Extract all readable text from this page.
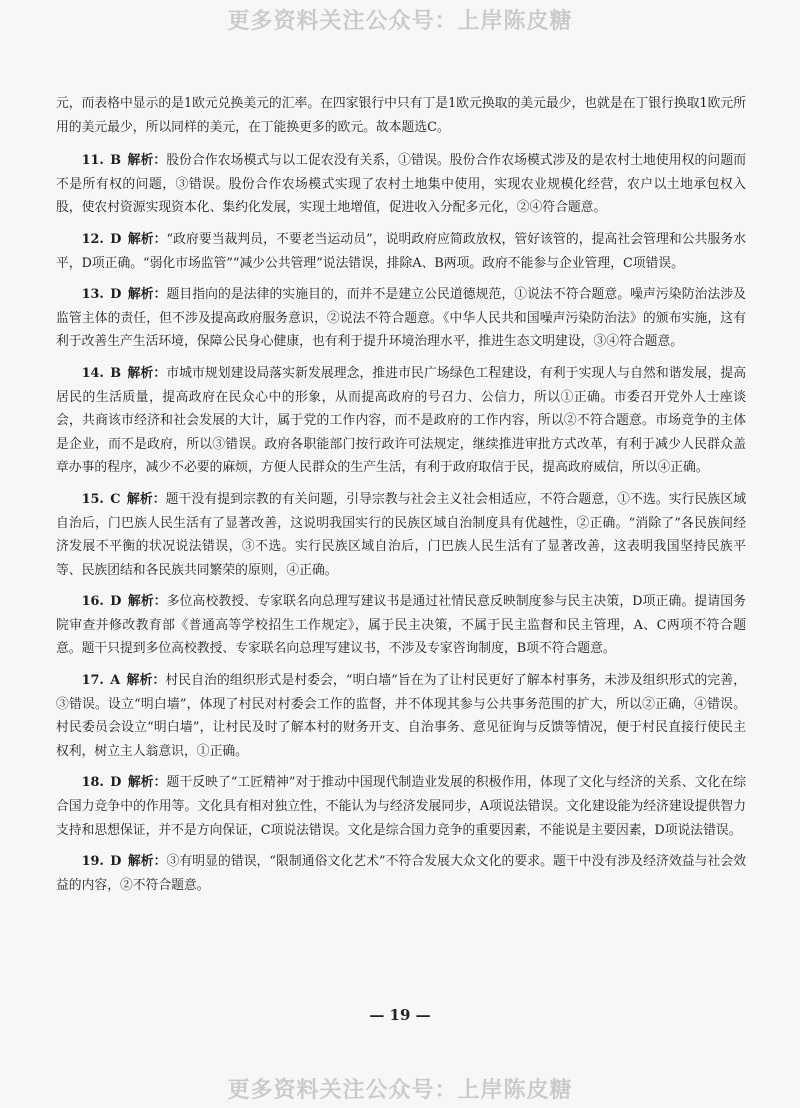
更多资料关注公众号：上岸陈皮糖

元，而表格中显示的是1欧元兑换美元的汇率。在四家银行中只有丁是1欧元换取的美元最少，也就是在丁银行换取1欧元所用的美元最少，所以同样的美元，在丁能换更多的欧元。故本题选C。

11. B 解析：股份合作农场模式与以工促农没有关系，①错误。股份合作农场模式涉及的是农村土地使用权的问题而不是所有权的问题，③错误。股份合作农场模式实现了农村土地集中使用，实现农业规模化经营，农户以土地承包权入股，使农村资源实现资本化、集约化发展，实现土地增值，促进收入分配多元化，②④符合题意。

12. D 解析：“政府要当裁判员，不要老当运动员”，说明政府应简政放权，管好该管的，提高社会管理和公共服务水平，D项正确。“弱化市场监管”“减少公共管理”说法错误，排除A、B两项。政府不能参与企业管理，C项错误。

13. D 解析：题目指向的是法律的实施目的，而并不是建立公民道德规范，①说法不符合题意。噪声污染防治法涉及监管主体的责任，但不涉及提高政府服务意识，②说法不符合题意。《中华人民共和国噪声污染防治法》的颁布实施，这有利于改善生产生活环境，保障公民身心健康，也有利于提升环境治理水平，推进生态文明建设，③④符合题意。

14. B 解析：市城市规划建设局落实新发展理念，推进市民广场绿色工程建设，有利于实现人与自然和谐发展，提高居民的生活质量，提高政府在民众心中的形象，从而提高政府的号召力、公信力，所以①正确。市委召开党外人士座谈会，共商该市经济和社会发展的大计，属于党的工作内容，而不是政府的工作内容，所以②不符合题意。市场竞争的主体是企业，而不是政府，所以③错误。政府各职能部门按行政许可法规定，继续推进审批方式改革，有利于减少人民群众盖章办事的程序，减少不必要的麻烦，方便人民群众的生产生活，有利于政府取信于民，提高政府威信，所以④正确。

15. C 解析：题干没有提到宗教的有关问题，引导宗教与社会主义社会相适应，不符合题意，①不选。实行民族区域自治后，门巴族人民生活有了显著改善，这说明我国实行的民族区域自治制度具有优越性，②正确。“消除了”各民族间经济发展不平衡的状况说法错误，③不选。实行民族区域自治后，门巴族人民生活有了显著改善，这表明我国坚持民族平等、民族团结和各民族共同繁荣的原则，④正确。

16. D 解析：多位高校教授、专家联名向总理写建议书是通过社情民意反映制度参与民主决策，D项正确。提请国务院审查并修改教育部《普通高等学校招生工作规定》，属于民主决策，不属于民主监督和民主管理，A、C两项不符合题意。题干只提到多位高校教授、专家联名向总理写建议书，不涉及专家咨询制度，B项不符合题意。

17. A 解析：村民自治的组织形式是村委会，“明白墙”旨在为了让村民更好了解本村事务，未涉及组织形式的完善，③错误。设立“明白墙”，体现了村民对村委会工作的监督，并不体现其参与公共事务范围的扩大，所以②正确，④错误。村民委员会设立“明白墙”，让村民及时了解本村的财务开支、自治事务、意见征询与反馈等情况，便于村民直接行使民主权利，树立主人翁意识，①正确。

18. D 解析：题干反映了“工匠精神”对于推动中国现代制造业发展的积极作用，体现了文化与经济的关系、文化在综合国力竞争中的作用等。文化具有相对独立性，不能认为与经济发展同步，A项说法错误。文化建设能为经济建设提供智力支持和思想保证，并不是方向保证，C项说法错误。文化是综合国力竞争的重要因素，不能说是主要因素，D项说法错误。

19. D 解析：③有明显的错误，“限制通俗文化艺术”不符合发展大众文化的要求。题干中没有涉及经济效益与社会效益的内容，②不符合题意。

— 19 —
更多资料关注公众号：上岸陈皮糖
